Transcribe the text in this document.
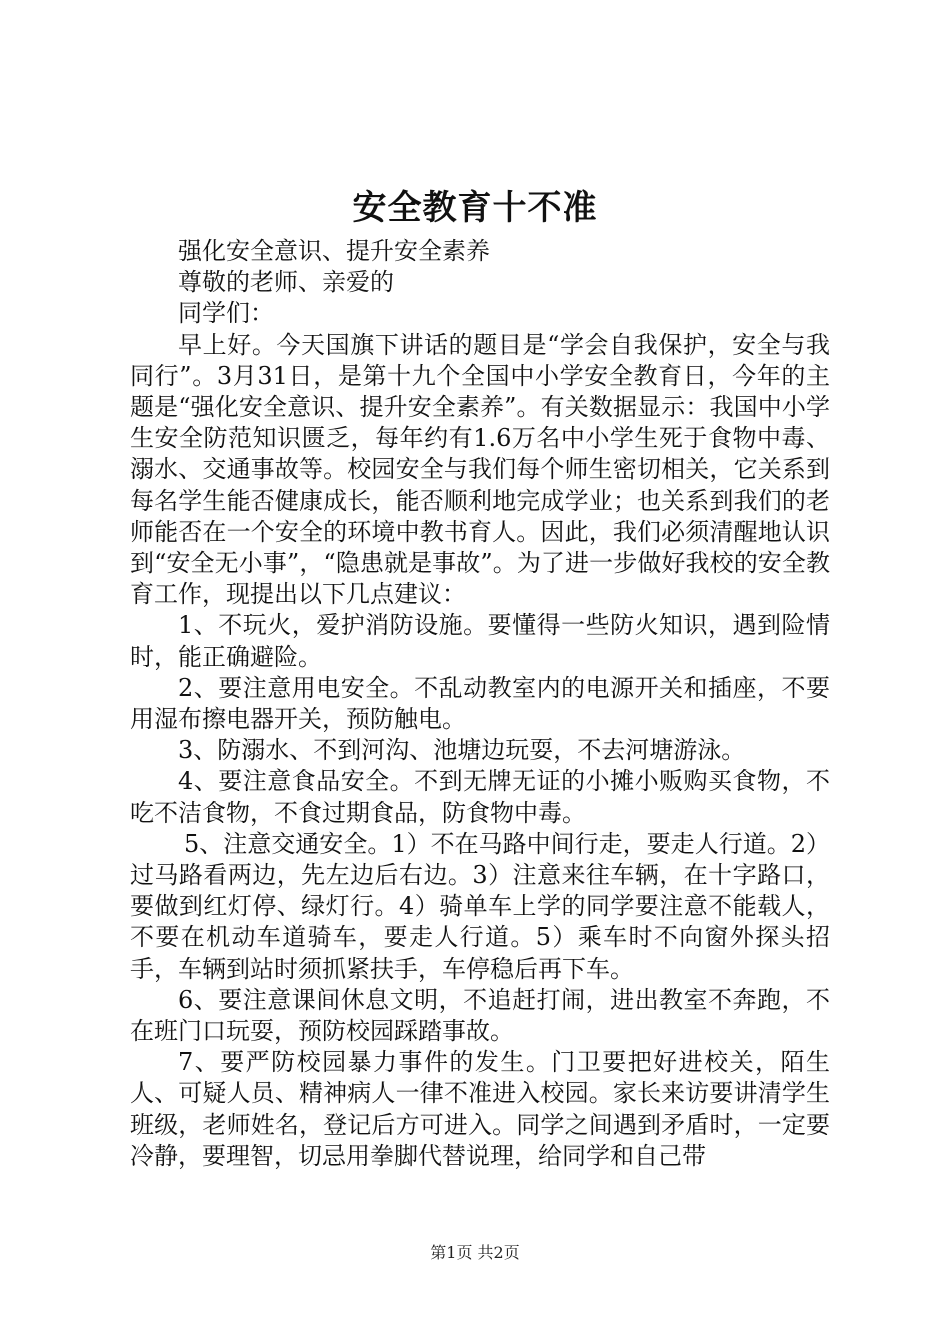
安全教育十不准

强化安全意识、提升安全素养

尊敬的老师、亲爱的

同学们：

早上好。今天国旗下讲话的题目是“学会自我保护，安全与我同行”。3月31日，是第十九个全国中小学安全教育日，今年的主题是“强化安全意识、提升安全素养”。有关数据显示：我国中小学生安全防范知识匮乏，每年约有1.6万名中小学生死于食物中毒、溺水、交通事故等。校园安全与我们每个师生密切相关，它关系到每名学生能否健康成长，能否顺利地完成学业；也关系到我们的老师能否在一个安全的环境中教书育人。因此，我们必须清醒地认识到“安全无小事”，“隐患就是事故”。为了进一步做好我校的安全教育工作，现提出以下几点建议：

1、不玩火，爱护消防设施。要懂得一些防火知识，遇到险情时，能正确避险。

2、要注意用电安全。不乱动教室内的电源开关和插座，不要用湿布擦电器开关，预防触电。

3、防溺水、不到河沟、池塘边玩耍，不去河塘游泳。

4、要注意食品安全。不到无牌无证的小摊小贩购买食物，不吃不洁食物，不食过期食品，防食物中毒。

5、注意交通安全。1）不在马路中间行走，要走人行道。2）过马路看两边，先左边后右边。3）注意来往车辆，在十字路口，要做到红灯停、绿灯行。4）骑单车上学的同学要注意不能载人，不要在机动车道骑车，要走人行道。5）乘车时不向窗外探头招手，车辆到站时须抓紧扶手，车停稳后再下车。

6、要注意课间休息文明，不追赶打闹，进出教室不奔跑，不在班门口玩耍，预防校园踩踏事故。

7、要严防校园暴力事件的发生。门卫要把好进校关，陌生人、可疑人员、精神病人一律不准进入校园。家长来访要讲清学生班级，老师姓名，登记后方可进入。同学之间遇到矛盾时，一定要冷静，要理智，切忌用拳脚代替说理，给同学和自己带

第1页 共2页
